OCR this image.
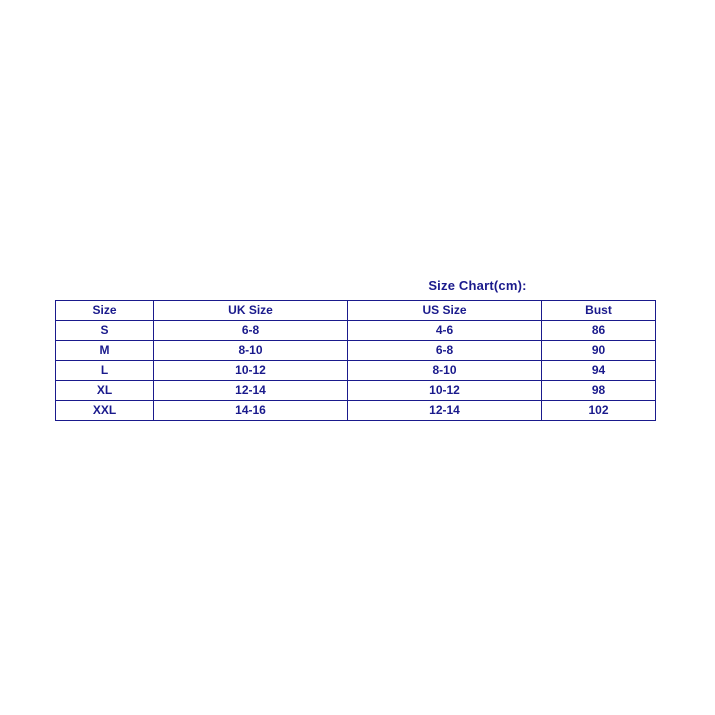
Size Chart(cm):
Size	UK Size	US Size	Bust
S	6-8	4-6	86
M	8-10	6-8	90
L	10-12	8-10	94
XL	12-14	10-12	98
XXL	14-16	12-14	102
